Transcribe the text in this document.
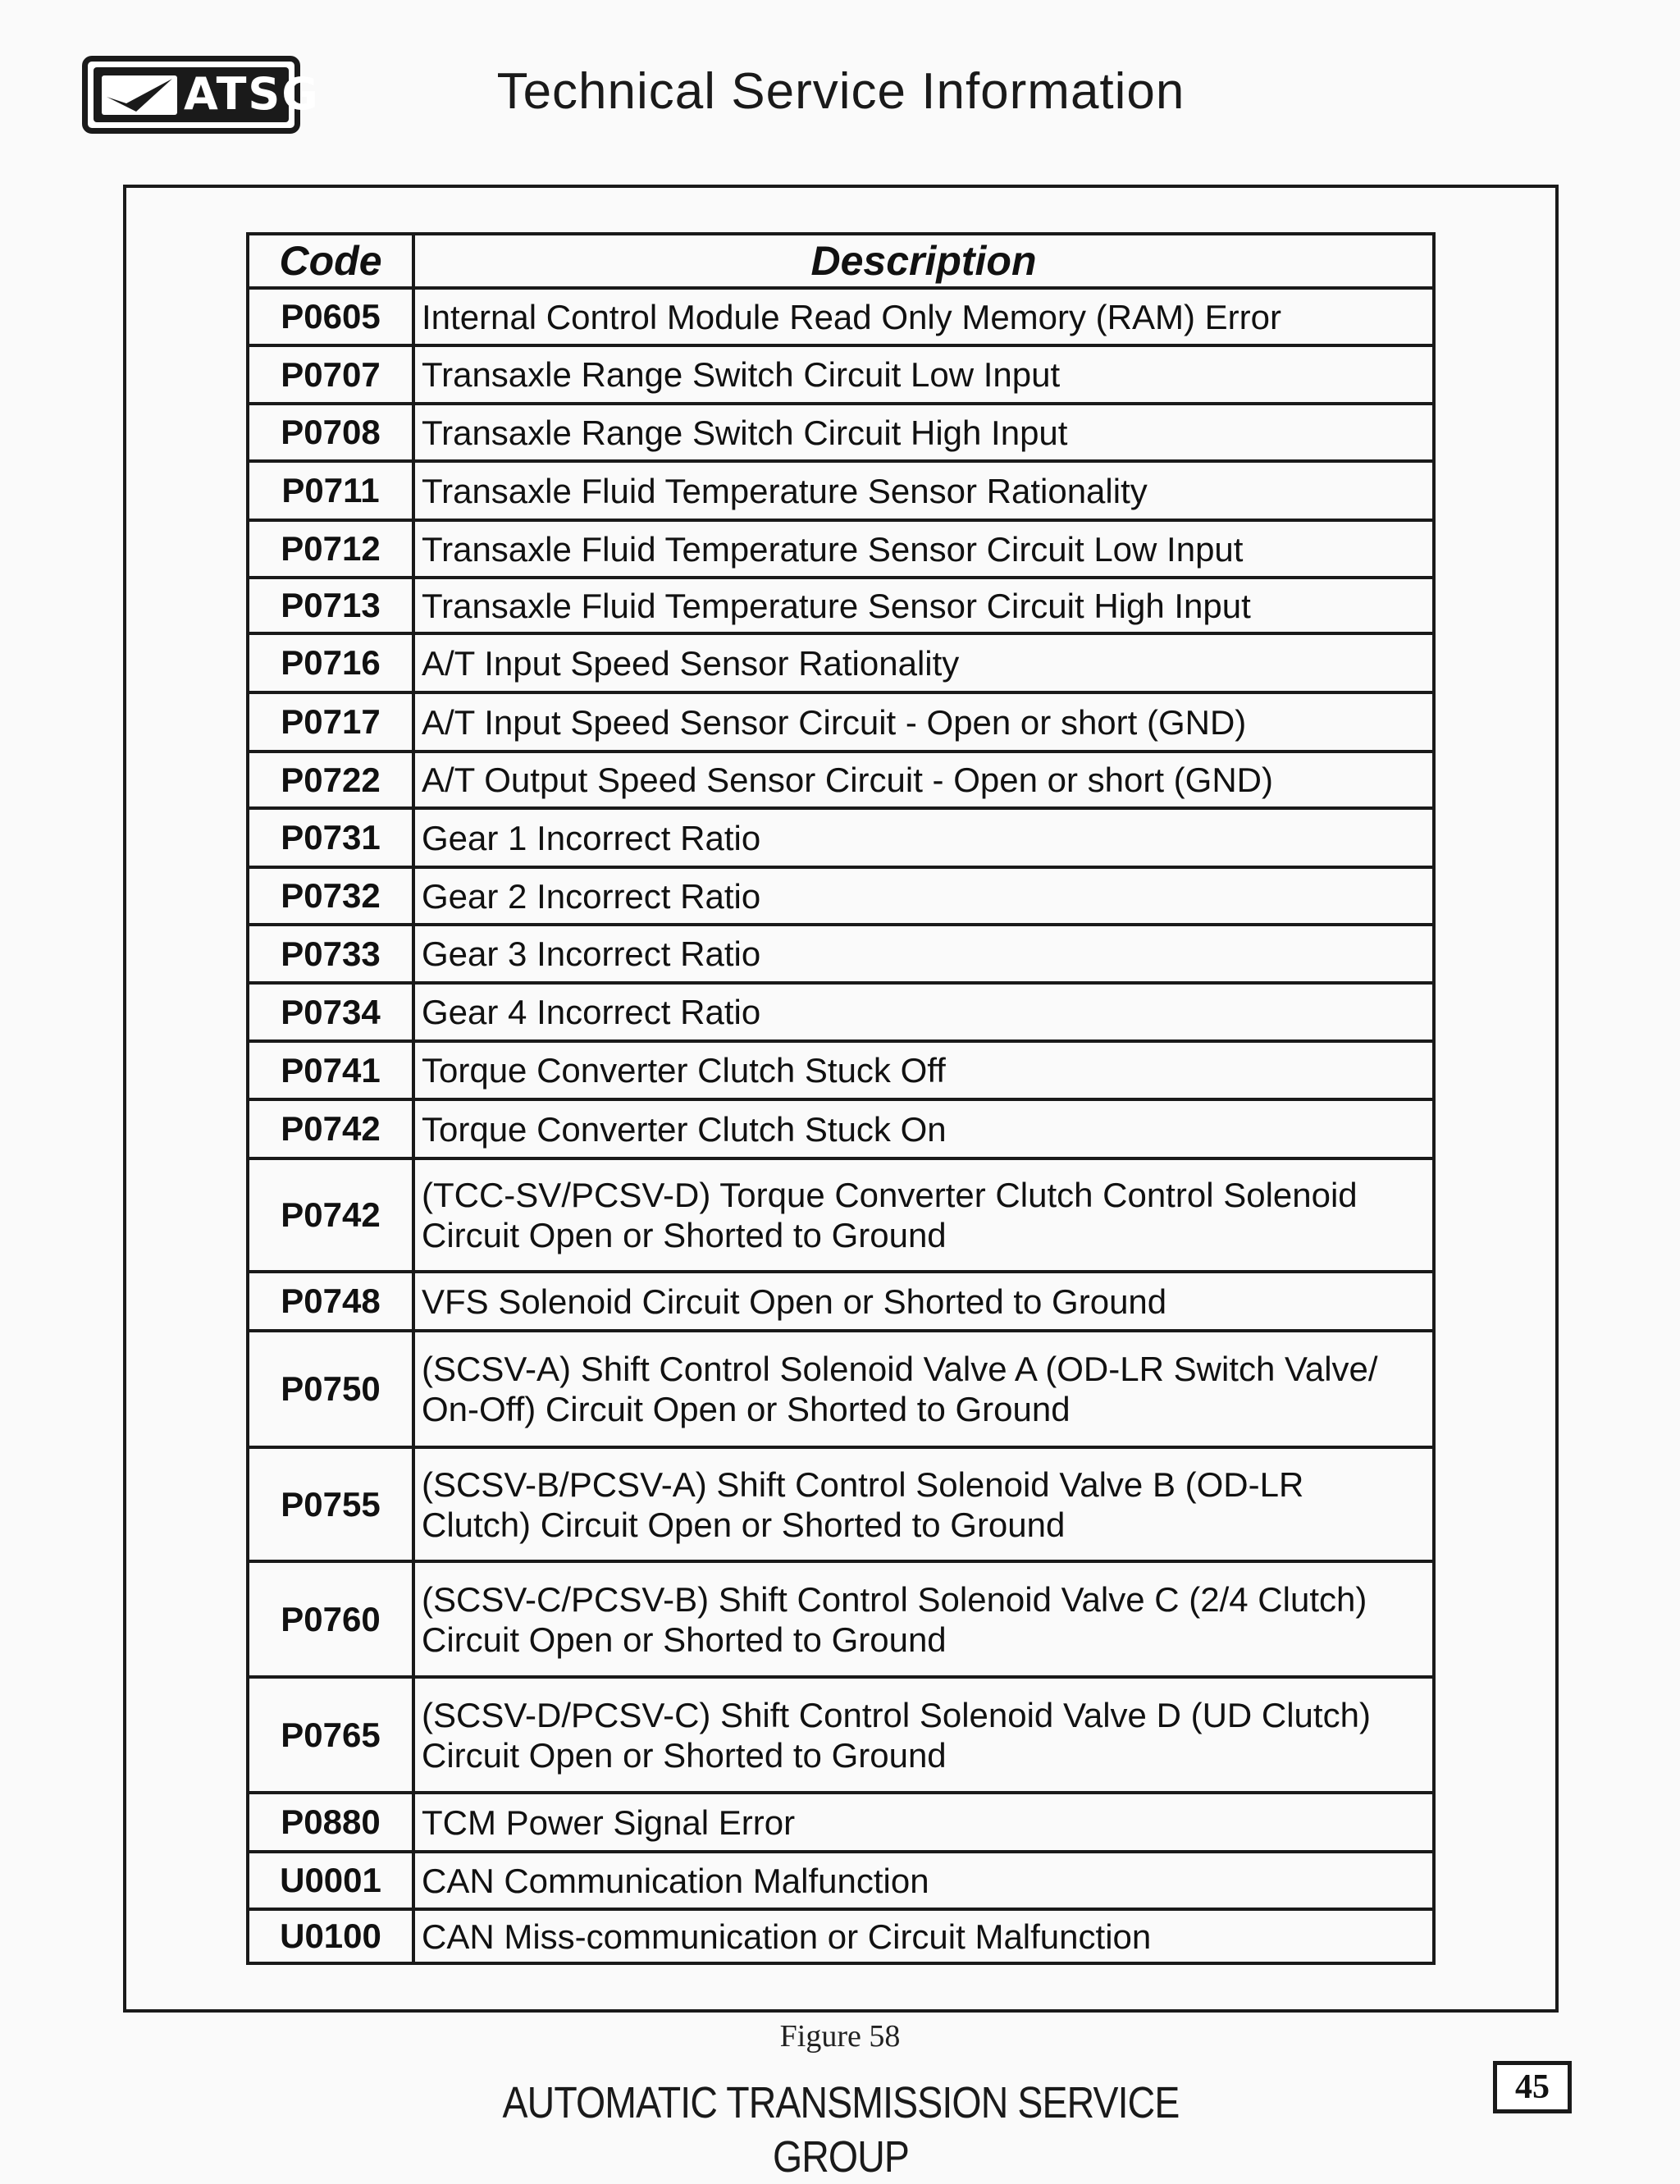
ATSG	Technical Service Information
Code	Description
P0605	Internal Control Module Read Only Memory (RAM) Error
P0707	Transaxle Range Switch Circuit Low Input
P0708	Transaxle Range Switch Circuit High Input
P0711	Transaxle Fluid Temperature Sensor Rationality
P0712	Transaxle Fluid Temperature Sensor Circuit Low Input
P0713	Transaxle Fluid Temperature Sensor Circuit High Input
P0716	A/T Input Speed Sensor Rationality
P0717	A/T Input Speed Sensor Circuit - Open or short (GND)
P0722	A/T Output Speed Sensor Circuit - Open or short (GND)
P0731	Gear 1 Incorrect Ratio
P0732	Gear 2 Incorrect Ratio
P0733	Gear 3 Incorrect Ratio
P0734	Gear 4 Incorrect Ratio
P0741	Torque Converter Clutch Stuck Off
P0742	Torque Converter Clutch Stuck On
P0742	(TCC-SV/PCSV-D) Torque Converter Clutch Control Solenoid
Circuit Open or Shorted to Ground
P0748	VFS Solenoid Circuit Open or Shorted to Ground
P0750	(SCSV-A) Shift Control Solenoid Valve A (OD-LR Switch Valve/
On-Off) Circuit Open or Shorted to Ground
P0755	(SCSV-B/PCSV-A) Shift Control Solenoid Valve B (OD-LR
Clutch) Circuit Open or Shorted to Ground
P0760	(SCSV-C/PCSV-B) Shift Control Solenoid Valve C (2/4 Clutch)
Circuit Open or Shorted to Ground
P0765	(SCSV-D/PCSV-C) Shift Control Solenoid Valve D (UD Clutch)
Circuit Open or Shorted to Ground
P0880	TCM Power Signal Error
U0001	CAN Communication Malfunction
U0100	CAN Miss-communication or Circuit Malfunction
Figure 58
AUTOMATIC TRANSMISSION SERVICE GROUP
45
